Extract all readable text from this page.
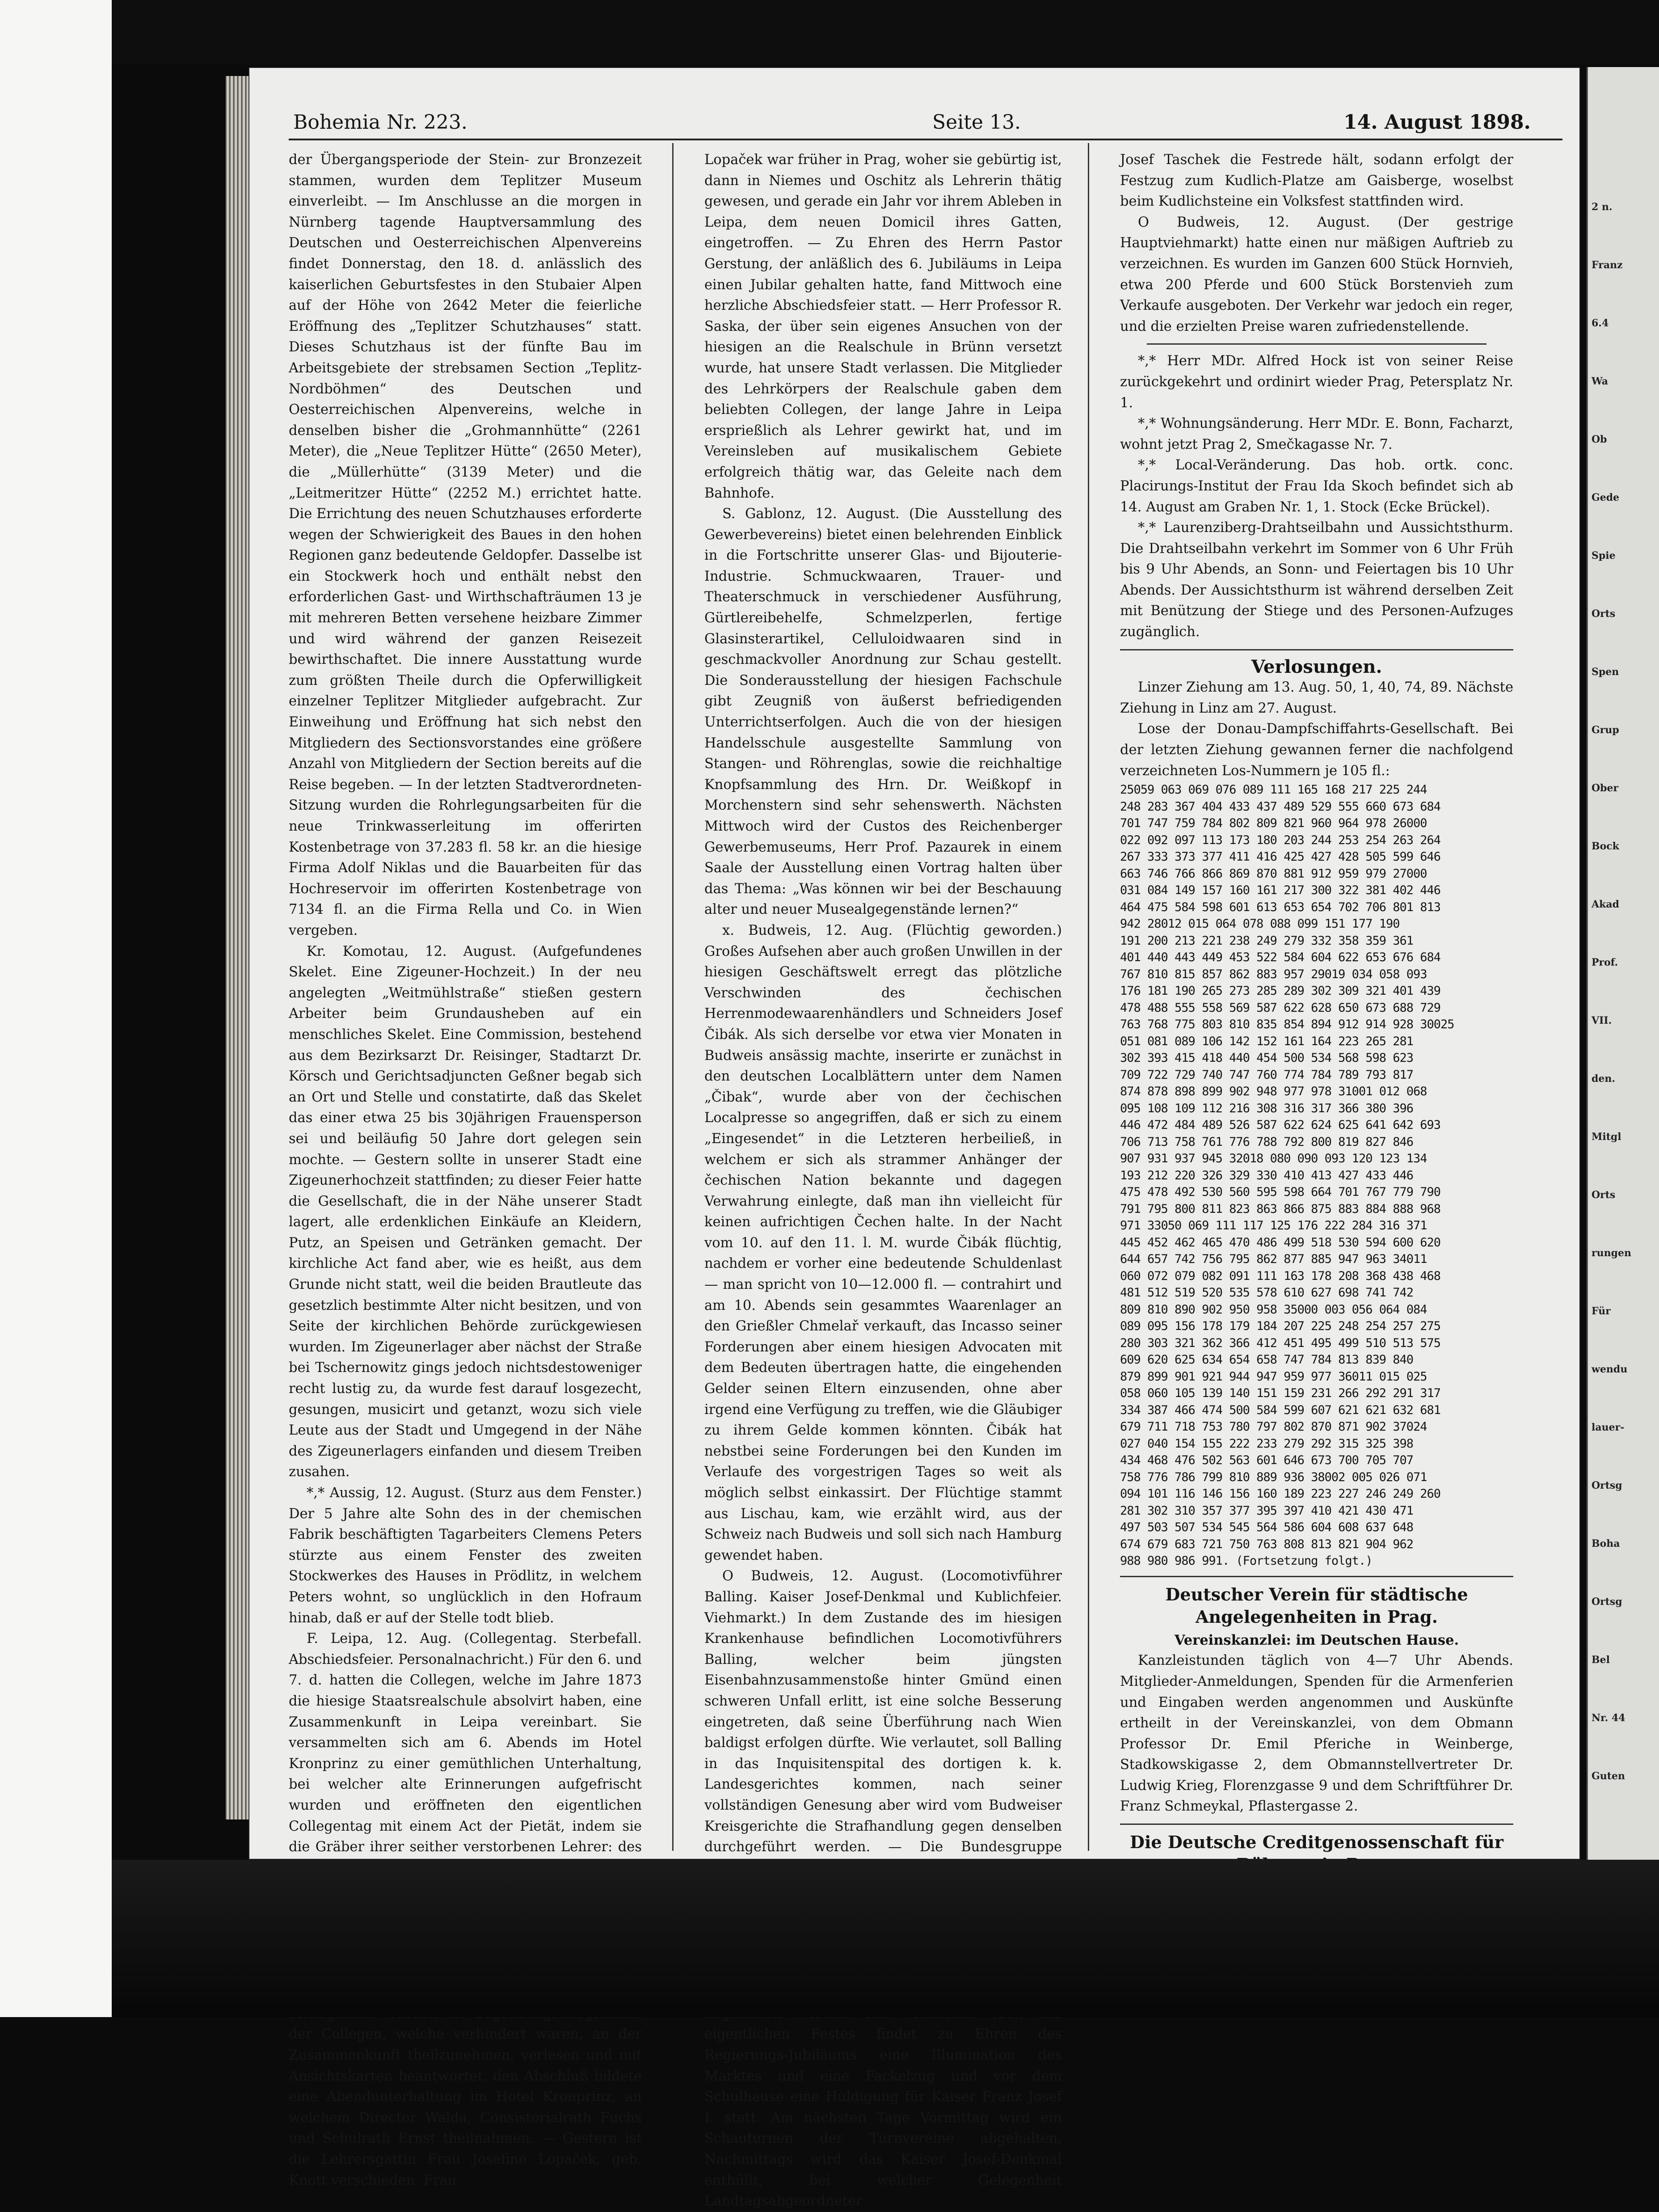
Bohemia Nr. 223.	Seite 13.	14. August 1898.

der Übergangsperiode der Stein- zur Bronzezeit stammen, wurden dem Teplitzer Museum einverleibt. — Im Anschlusse an die morgen in Nürnberg tagende Hauptversammlung des Deutschen und Oesterreichischen Alpenvereins findet Donnerstag, den 18. d. anlässlich des kaiserlichen Geburtsfestes in den Stubaier Alpen auf der Höhe von 2642 Meter die feierliche Eröffnung des „Teplitzer Schutzhauses“ statt. Dieses Schutzhaus ist der fünfte Bau im Arbeitsgebiete der strebsamen Section „Teplitz-Nordböhmen“ des Deutschen und Oesterreichischen Alpenvereins, welche in denselben bisher die „Grohmannhütte“ (2261 Meter), die „Neue Teplitzer Hütte“ (2650 Meter), die „Müllerhütte“ (3139 Meter) und die „Leitmeritzer Hütte“ (2252 M.) errichtet hatte. Die Errichtung des neuen Schutzhauses erforderte wegen der Schwierigkeit des Baues in den hohen Regionen ganz bedeutende Geldopfer. Dasselbe ist ein Stockwerk hoch und enthält nebst den erforderlichen Gast- und Wirthschafträumen 13 je mit mehreren Betten versehene heizbare Zimmer und wird während der ganzen Reisezeit bewirthschaftet. Die innere Ausstattung wurde zum größten Theile durch die Opferwilligkeit einzelner Teplitzer Mitglieder aufgebracht. Zur Einweihung und Eröffnung hat sich nebst den Mitgliedern des Sectionsvorstandes eine größere Anzahl von Mitgliedern der Section bereits auf die Reise begeben. — In der letzten Stadtverordneten-Sitzung wurden die Rohrlegungsarbeiten für die neue Trinkwasserleitung im offerirten Kostenbetrage von 37.283 fl. 58 kr. an die hiesige Firma Adolf Niklas und die Bauarbeiten für das Hochreservoir im offerirten Kostenbetrage von 7134 fl. an die Firma Rella und Co. in Wien vergeben.

Kr. Komotau, 12. August. (Aufgefundenes Skelet. Eine Zigeuner-Hochzeit.) In der neu angelegten „Weitmühlstraße“ stießen gestern Arbeiter beim Grundausheben auf ein menschliches Skelet. Eine Commission, bestehend aus dem Bezirksarzt Dr. Reisinger, Stadtarzt Dr. Körsch und Gerichtsadjuncten Geßner begab sich an Ort und Stelle und constatirte, daß das Skelet das einer etwa 25 bis 30jährigen Frauensperson sei und beiläufig 50 Jahre dort gelegen sein mochte. — Gestern sollte in unserer Stadt eine Zigeunerhochzeit stattfinden; zu dieser Feier hatte die Gesellschaft, die in der Nähe unserer Stadt lagert, alle erdenklichen Einkäufe an Kleidern, Putz, an Speisen und Getränken gemacht. Der kirchliche Act fand aber, wie es heißt, aus dem Grunde nicht statt, weil die beiden Brautleute das gesetzlich bestimmte Alter nicht besitzen, und von Seite der kirchlichen Behörde zurückgewiesen wurden. Im Zigeunerlager aber nächst der Straße bei Tschernowitz gings jedoch nichtsdestoweniger recht lustig zu, da wurde fest darauf losgezecht, gesungen, musicirt und getanzt, wozu sich viele Leute aus der Stadt und Umgegend in der Nähe des Zigeunerlagers einfanden und diesem Treiben zusahen.

*,* Aussig, 12. August. (Sturz aus dem Fenster.) Der 5 Jahre alte Sohn des in der chemischen Fabrik beschäftigten Tagarbeiters Clemens Peters stürzte aus einem Fenster des zweiten Stockwerkes des Hauses in Prödlitz, in welchem Peters wohnt, so unglücklich in den Hofraum hinab, daß er auf der Stelle todt blieb.

F. Leipa, 12. Aug. (Collegentag. Sterbefall. Abschiedsfeier. Personalnachricht.) Für den 6. und 7. d. hatten die Collegen, welche im Jahre 1873 die hiesige Staatsrealschule absolvirt haben, eine Zusammenkunft in Leipa vereinbart. Sie versammelten sich am 6. Abends im Hotel Kronprinz zu einer gemüthlichen Unterhaltung, bei welcher alte Erinnerungen aufgefrischt wurden und eröffneten den eigentlichen Collegentag mit einem Act der Pietät, indem sie die Gräber ihrer seither verstorbenen Lehrer: des der Collegen, welche verhindert waren, an der Zusammenkunft theilzunehmen, verlesen und mit Ansichtskarten beantwortet, den Abschluß bildete eine Abendunterhaltung im Hotel Kronprinz, an welchem Director Walda, Consistorialrath Fuchs und Schulrath Ernst theilnahmen. — Gestern ist die Lehrersgattin Frau Josefine Lopaček, geb. Knott verschieden. Frau

Lopaček war früher in Prag, woher sie gebürtig ist, dann in Niemes und Oschitz als Lehrerin thätig gewesen, und gerade ein Jahr vor ihrem Ableben in Leipa, dem neuen Domicil ihres Gatten, eingetroffen. — Zu Ehren des Herrn Pastor Gerstung, der anläßlich des 6. Jubiläums in Leipa einen Jubilar gehalten hatte, fand Mittwoch eine herzliche Abschiedsfeier statt. — Herr Professor R. Saska, der über sein eigenes Ansuchen von der hiesigen an die Realschule in Brünn versetzt wurde, hat unsere Stadt verlassen. Die Mitglieder des Lehrkörpers der Realschule gaben dem beliebten Collegen, der lange Jahre in Leipa ersprießlich als Lehrer gewirkt hat, und im Vereinsleben auf musikalischem Gebiete erfolgreich thätig war, das Geleite nach dem Bahnhofe.

S. Gablonz, 12. August. (Die Ausstellung des Gewerbevereins) bietet einen belehrenden Einblick in die Fortschritte unserer Glas- und Bijouterie-Industrie. Schmuckwaaren, Trauer- und Theaterschmuck in verschiedener Ausführung, Gürtlereibehelfe, Schmelzperlen, fertige Glasinsterartikel, Celluloidwaaren sind in geschmackvoller Anordnung zur Schau gestellt. Die Sonderausstellung der hiesigen Fachschule gibt Zeugniß von äußerst befriedigenden Unterrichtserfolgen. Auch die von der hiesigen Handelsschule ausgestellte Sammlung von Stangen- und Röhrenglas, sowie die reichhaltige Knopfsammlung des Hrn. Dr. Weißkopf in Morchenstern sind sehr sehenswerth. Nächsten Mittwoch wird der Custos des Reichenberger Gewerbemuseums, Herr Prof. Pazaurek in einem Saale der Ausstellung einen Vortrag halten über das Thema: „Was können wir bei der Beschauung alter und neuer Musealgegenstände lernen?“

x. Budweis, 12. Aug. (Flüchtig geworden.) Großes Aufsehen aber auch großen Unwillen in der hiesigen Geschäftswelt erregt das plötzliche Verschwinden des čechischen Herrenmodewaarenhändlers und Schneiders Josef Čibák. Als sich derselbe vor etwa vier Monaten in Budweis ansässig machte, inserirte er zunächst in den deutschen Localblättern unter dem Namen „Čibak“, wurde aber von der čechischen Localpresse so angegriffen, daß er sich zu einem „Eingesendet“ in die Letzteren herbeiließ, in welchem er sich als strammer Anhänger der čechischen Nation bekannte und dagegen Verwahrung einlegte, daß man ihn vielleicht für keinen aufrichtigen Čechen halte. In der Nacht vom 10. auf den 11. l. M. wurde Čibák flüchtig, nachdem er vorher eine bedeutende Schuldenlast — man spricht von 10—12.000 fl. — contrahirt und am 10. Abends sein gesammtes Waarenlager an den Grießler Chmelař verkauft, das Incasso seiner Forderungen aber einem hiesigen Advocaten mit dem Bedeuten übertragen hatte, die eingehenden Gelder seinen Eltern einzusenden, ohne aber irgend eine Verfügung zu treffen, wie die Gläubiger zu ihrem Gelde kommen könnten. Čibák hat nebstbei seine Forderungen bei den Kunden im Verlaufe des vorgestrigen Tages so weit als möglich selbst einkassirt. Der Flüchtige stammt aus Lischau, kam, wie erzählt wird, aus der Schweiz nach Budweis und soll sich nach Hamburg gewendet haben.

O Budweis, 12. August. (Locomotivführer Balling. Kaiser Josef-Denkmal und Kublichfeier. Viehmarkt.) In dem Zustande des im hiesigen Krankenhause befindlichen Locomotivführers Balling, welcher beim jüngsten Eisenbahnzusammenstoße hinter Gmünd einen schweren Unfall erlitt, ist eine solche Besserung eingetreten, daß seine Überführung nach Wien baldigst erfolgen dürfte. Wie verlautet, soll Balling in das Inquisitenspital des dortigen k. k. Landesgerichtes kommen, nach seiner vollständigen Genesung aber wird vom Budweiser Kreisgerichte die Strafhandlung gegen denselben durchgeführt werden. — Die Bundesgruppe eigentlichen Festes findet zu Ehren des Regierungs-Jubiläums eine Illumination des Marktes und eine Fackelzug und vor dem Schulhause eine Huldigung für Kaiser Franz Josef I. statt. Am nächsten Tage Vormittag wird ein Schauturnen der Turnvereine abgehalten, Nachmittags wird das Kaiser Josef-Denkmal enthüllt, bei welcher Gelegenheit Landtagsabgeordneter

Josef Taschek die Festrede hält, sodann erfolgt der Festzug zum Kudlich-Platze am Gaisberge, woselbst beim Kudlichsteine ein Volksfest stattfinden wird.

O Budweis, 12. August. (Der gestrige Hauptviehmarkt) hatte einen nur mäßigen Auftrieb zu verzeichnen. Es wurden im Ganzen 600 Stück Hornvieh, etwa 200 Pferde und 600 Stück Borstenvieh zum Verkaufe ausgeboten. Der Verkehr war jedoch ein reger, und die erzielten Preise waren zufriedenstellende.

*,* Herr MDr. Alfred Hock ist von seiner Reise zurückgekehrt und ordinirt wieder Prag, Petersplatz Nr. 1.

*,* Wohnungsänderung. Herr MDr. E. Bonn, Facharzt, wohnt jetzt Prag 2, Smečkagasse Nr. 7.

*,* Local-Veränderung. Das hob. ortk. conc. Placirungs-Institut der Frau Ida Skoch befindet sich ab 14. August am Graben Nr. 1, 1. Stock (Ecke Brückel).

*,* Laurenziberg-Drahtseilbahn und Aussichtsthurm. Die Drahtseilbahn verkehrt im Sommer von 6 Uhr Früh bis 9 Uhr Abends, an Sonn- und Feiertagen bis 10 Uhr Abends. Der Aussichtsthurm ist während derselben Zeit mit Benützung der Stiege und des Personen-Aufzuges zugänglich.

Verlosungen.

Linzer Ziehung am 13. Aug. 50, 1, 40, 74, 89. Nächste Ziehung in Linz am 27. August.

Lose der Donau-Dampfschiffahrts-Gesellschaft. Bei der letzten Ziehung gewannen ferner die nachfolgend verzeichneten Los-Nummern je 105 fl.:

25059 063 069 076 089 111 165 168 217 225 244
248 283 367 404 433 437 489 529 555 660 673 684
701 747 759 784 802 809 821 960 964 978 26000
022 092 097 113 173 180 203 244 253 254 263 264
267 333 373 377 411 416 425 427 428 505 599 646
663 746 766 866 869 870 881 912 959 979 27000
031 084 149 157 160 161 217 300 322 381 402 446
464 475 584 598 601 613 653 654 702 706 801 813
942 28012 015 064 078 088 099 151 177 190
191 200 213 221 238 249 279 332 358 359 361
401 440 443 449 453 522 584 604 622 653 676 684
767 810 815 857 862 883 957 29019 034 058 093
176 181 190 265 273 285 289 302 309 321 401 439
478 488 555 558 569 587 622 628 650 673 688 729
763 768 775 803 810 835 854 894 912 914 928 30025
051 081 089 106 142 152 161 164 223 265 281
302 393 415 418 440 454 500 534 568 598 623
709 722 729 740 747 760 774 784 789 793 817
874 878 898 899 902 948 977 978 31001 012 068
095 108 109 112 216 308 316 317 366 380 396
446 472 484 489 526 587 622 624 625 641 642 693
706 713 758 761 776 788 792 800 819 827 846
907 931 937 945 32018 080 090 093 120 123 134
193 212 220 326 329 330 410 413 427 433 446
475 478 492 530 560 595 598 664 701 767 779 790
791 795 800 811 823 863 866 875 883 884 888 968
971 33050 069 111 117 125 176 222 284 316 371
445 452 462 465 470 486 499 518 530 594 600 620
644 657 742 756 795 862 877 885 947 963 34011
060 072 079 082 091 111 163 178 208 368 438 468
481 512 519 520 535 578 610 627 698 741 742
809 810 890 902 950 958 35000 003 056 064 084
089 095 156 178 179 184 207 225 248 254 257 275
280 303 321 362 366 412 451 495 499 510 513 575
609 620 625 634 654 658 747 784 813 839 840
879 899 901 921 944 947 959 977 36011 015 025
058 060 105 139 140 151 159 231 266 292 291 317
334 387 466 474 500 584 599 607 621 621 632 681
679 711 718 753 780 797 802 870 871 902 37024
027 040 154 155 222 233 279 292 315 325 398
434 468 476 502 563 601 646 673 700 705 707
758 776 786 799 810 889 936 38002 005 026 071
094 101 116 146 156 160 189 223 227 246 249 260
281 302 310 357 377 395 397 410 421 430 471
497 503 507 534 545 564 586 604 608 637 648
674 679 683 721 750 763 808 813 821 904 962
988 980 986 991. (Fortsetzung folgt.)
Deutscher Verein für städtische Angelegenheiten in Prag.

Vereinskanzlei: im Deutschen Hause.

Kanzleistunden täglich von 4—7 Uhr Abends. Mitglieder-Anmeldungen, Spenden für die Armenferien und Eingaben werden angenommen und Auskünfte ertheilt in der Vereinskanzlei, von dem Obmann Professor Dr. Emil Pferiche in Weinberge, Stadkowskigasse 2, dem Obmannstellvertreter Dr. Ludwig Krieg, Florenzgasse 9 und dem Schriftführer Dr. Franz Schmeykal, Pflastergasse 2.

Die Deutsche Creditgenossenschaft für

2 n.
Franz
6.4
Wa
Ob
Gede
Spie
Orts
Spen
Grup
Ober
Bock
Akad
Prof.
VII.
den.
Mitgl
Orts
rungen
Für
wendu
lauer-
Ortsg
Boha
Ortsg
Bel
Nr. 44
Guten
